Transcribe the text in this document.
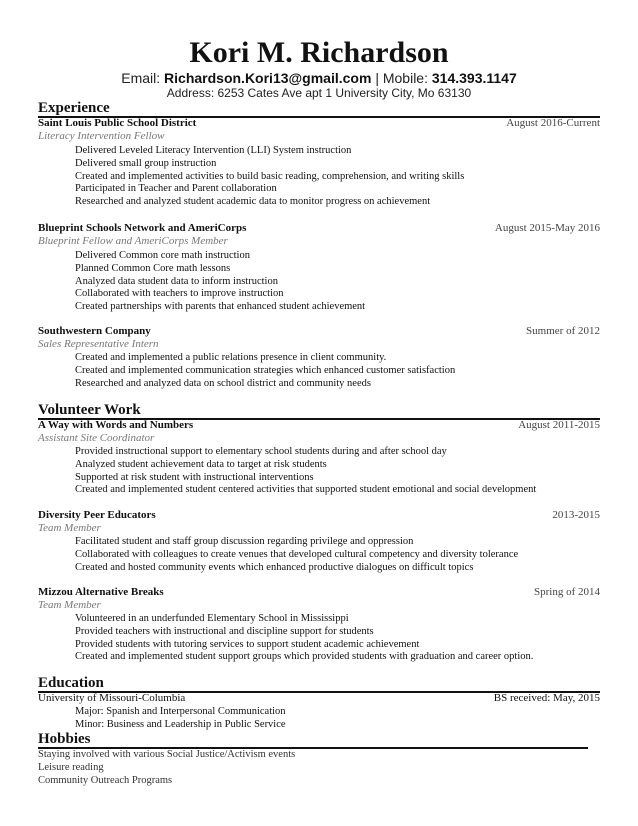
Kori M. Richardson
Email: Richardson.Kori13@gmail.com | Mobile: 314.393.1147
Address: 6253 Cates Ave apt 1 University City, Mo 63130
Experience
Saint Louis Public School District	August 2016-Current
Literacy Intervention Fellow
Delivered Leveled Literacy Intervention (LLI) System instruction
Delivered small group instruction
Created and implemented activities to build basic reading, comprehension, and writing skills
Participated in Teacher and Parent collaboration
Researched and analyzed student academic data to monitor progress on achievement
Blueprint Schools Network and AmeriCorps	August 2015-May 2016
Blueprint Fellow and AmeriCorps Member
Delivered Common core math instruction
Planned Common Core math lessons
Analyzed data student data to inform instruction
Collaborated with teachers to improve instruction
Created partnerships with parents that enhanced student achievement
Southwestern Company	Summer of 2012
Sales Representative Intern
Created and implemented a public relations presence in client community.
Created and implemented communication strategies which enhanced customer satisfaction
Researched and analyzed data on school district and community needs
Volunteer Work
A Way with Words and Numbers	August 2011-2015
Assistant Site Coordinator
Provided instructional support to elementary school students during and after school day
Analyzed student achievement data to target at risk students
Supported at risk student with instructional interventions
Created and implemented student centered activities that supported student emotional and social development
Diversity Peer Educators	2013-2015
Team Member
Facilitated student and staff group discussion regarding privilege and oppression
Collaborated with colleagues to create venues that developed cultural competency and diversity tolerance
Created and hosted community events which enhanced productive dialogues on difficult topics
Mizzou Alternative Breaks	Spring of 2014
Team Member
Volunteered in an underfunded Elementary School in Mississippi
Provided teachers with instructional and discipline support for students
Provided students with tutoring services to support student academic achievement
Created and implemented student support groups which provided students with graduation and career option.
Education
University of Missouri-Columbia	BS received: May, 2015
Major: Spanish and Interpersonal Communication
Minor: Business and Leadership in Public Service
Hobbies
Staying involved with various Social Justice/Activism events
Leisure reading
Community Outreach Programs
